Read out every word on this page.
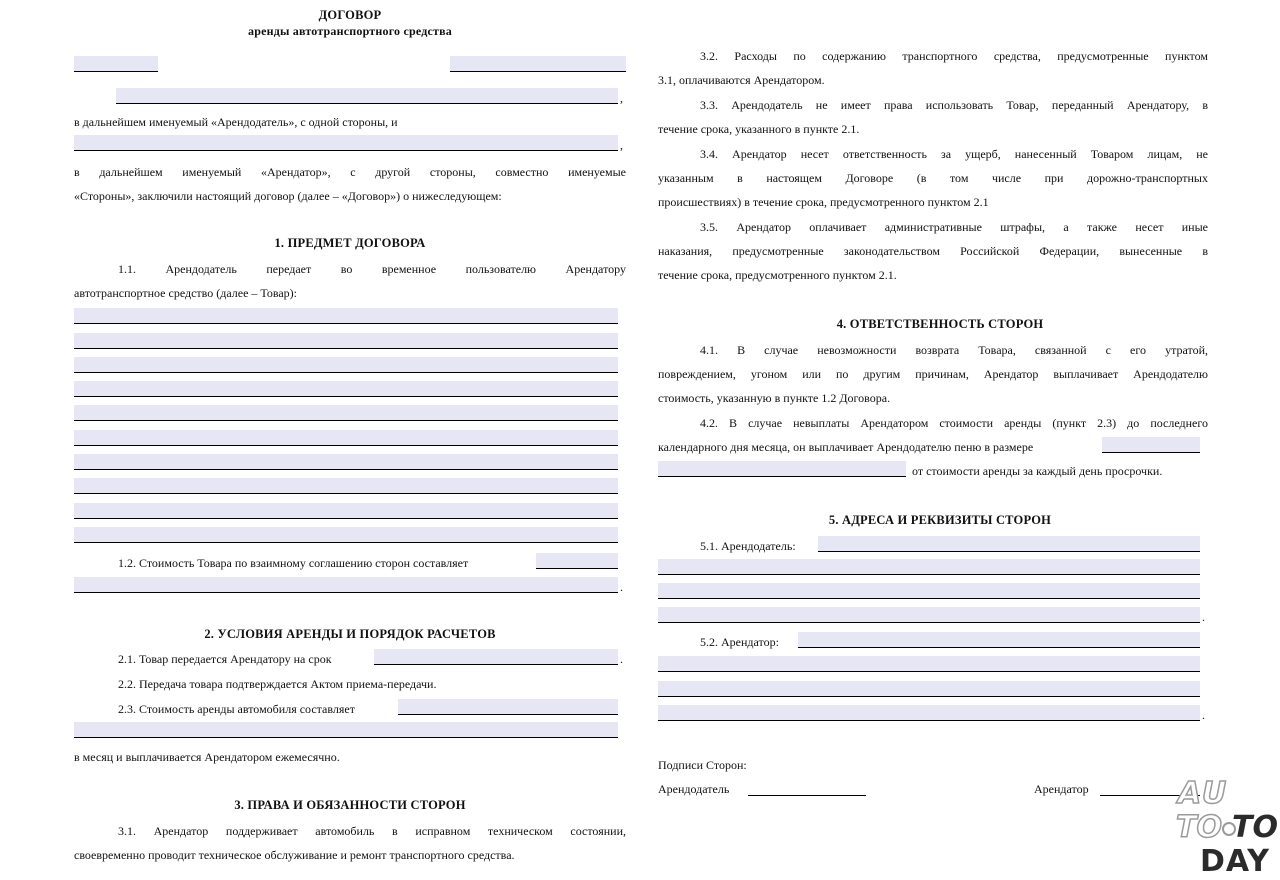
ДОГОВОР
аренды автотранспортного средства
,
в дальнейшем именуемый «Арендодатель», с одной стороны, и
,
в дальнейшем именуемый «Арендатор», с другой стороны, совместно именуемые
«Стороны», заключили настоящий договор (далее – «Договор») о нижеследующем:
1. ПРЕДМЕТ ДОГОВОРА
1.1. Арендодатель передает во временное пользователю Арендатору
автотранспортное средство (далее – Товар):
1.2. Стоимость Товара по взаимному соглашению сторон составляет
.
2. УСЛОВИЯ АРЕНДЫ И ПОРЯДОК РАСЧЕТОВ
2.1. Товар передается Арендатору на срок	.
2.2. Передача товара подтверждается Актом приема-передачи.
2.3. Стоимость аренды автомобиля составляет
в месяц и выплачивается Арендатором ежемесячно.
3. ПРАВА И ОБЯЗАННОСТИ СТОРОН
3.1. Арендатор поддерживает автомобиль в исправном техническом состоянии,
своевременно проводит техническое обслуживание и ремонт транспортного средства.
3.2. Расходы по содержанию транспортного средства, предусмотренные пунктом
3.1, оплачиваются Арендатором.
3.3. Арендодатель не имеет права использовать Товар, переданный Арендатору, в
течение срока, указанного в пункте 2.1.
3.4. Арендатор несет ответственность за ущерб, нанесенный Товаром лицам, не
указанным в настоящем Договоре (в том числе при дорожно-транспортных
происшествиях) в течение срока, предусмотренного пунктом 2.1
3.5. Арендатор оплачивает административные штрафы, а также несет иные
наказания, предусмотренные законодательством Российской Федерации, вынесенные в
течение срока, предусмотренного пунктом 2.1.
4. ОТВЕТСТВЕННОСТЬ СТОРОН
4.1. В случае невозможности возврата Товара, связанной с его утратой,
повреждением, угоном или по другим причинам, Арендатор выплачивает Арендодателю
стоимость, указанную в пункте 1.2 Договора.
4.2. В случае невыплаты Арендатором стоимости аренды (пункт 2.3) до последнего
календарного дня месяца, он выплачивает Арендодателю пеню в размере
от стоимости аренды за каждый день просрочки.
5. АДРЕСА И РЕКВИЗИТЫ СТОРОН
5.1. Арендодатель:
.
5.2. Арендатор:
.
Подписи Сторон:
Арендодатель	Арендатор	AU
TO TO
DAY
